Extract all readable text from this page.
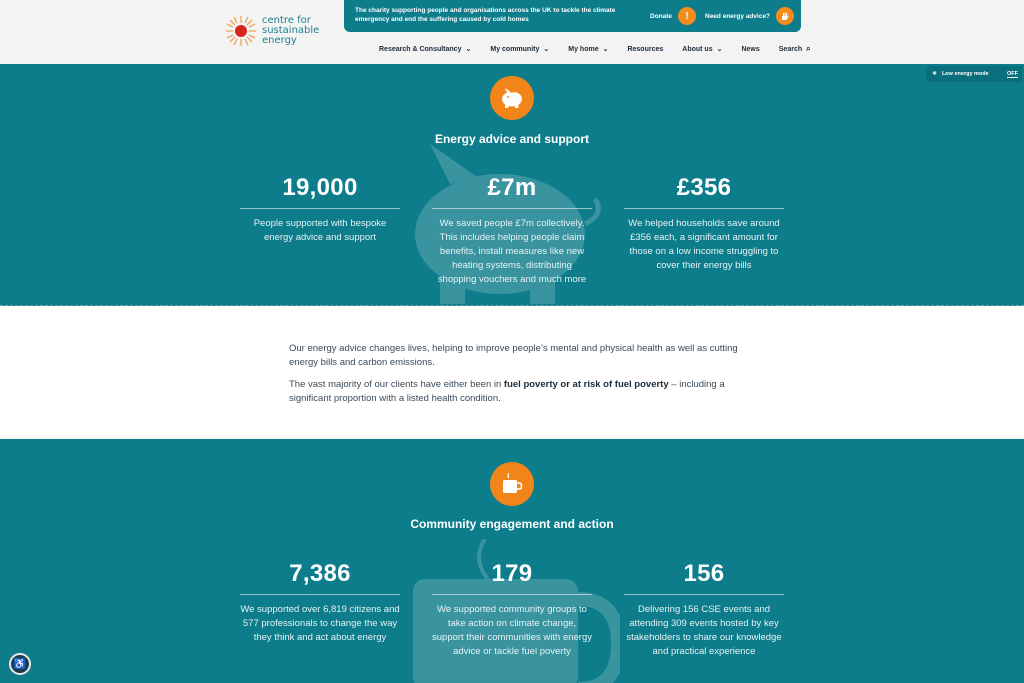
centre for
sustainable
energy
The charity supporting people and organisations across the UK to tackle the climate emergency and end the suffering caused by cold homes	Donate	!	Need energy advice?
Research & Consultancy ⌄	My community ⌄	My home ⌄	Resources	About us ⌄	News	Search ⌕
Energy advice and support
19,000
People supported with bespoke energy advice and support
£7m
We saved people £7m collectively. This includes helping people claim benefits, install measures like new heating systems, distributing shopping vouchers and much more
£356
We helped households save around £356 each, a significant amount for those on a low income struggling to cover their energy bills
☀ Low energy mode	OFF

Our energy advice changes lives, helping to improve people’s mental and physical health as well as cutting energy bills and carbon emissions.

The vast majority of our clients have either been in fuel poverty or at risk of fuel poverty – including a significant proportion with a listed health condition.

Community engagement and action
7,386
We supported over 6,819 citizens and 577 professionals to change the way they think and act about energy
179
We supported community groups to take action on climate change, support their communities with energy advice or tackle fuel poverty
156
Delivering 156 CSE events and attending 309 events hosted by key stakeholders to share our knowledge and practical experience
♿
